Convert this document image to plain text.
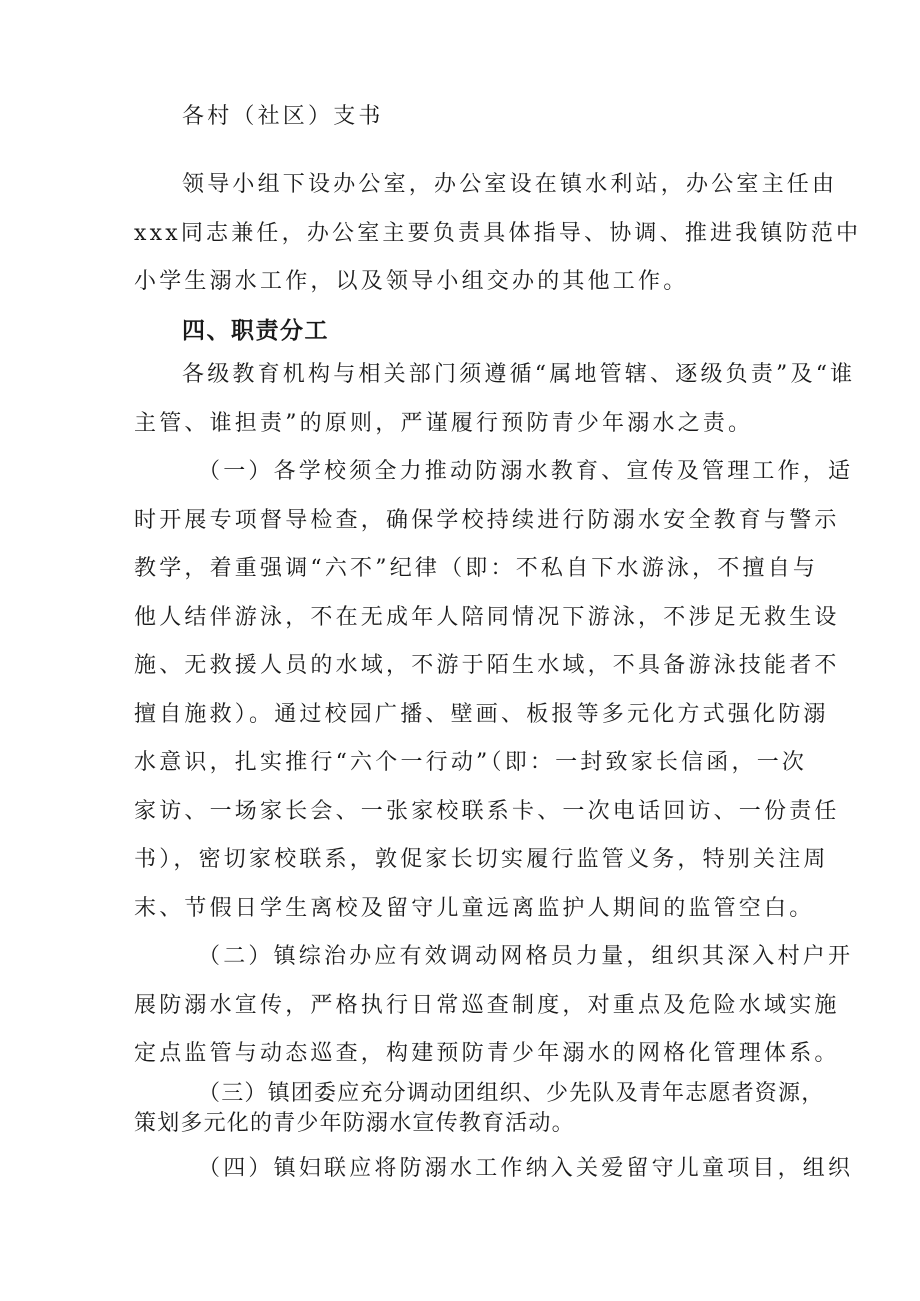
各村（社区）支书
领导小组下设办公室，办公室设在镇水利站，办公室主任由
xxx同志兼任，办公室主要负责具体指导、协调、推进我镇防范中
小学生溺水工作，以及领导小组交办的其他工作。
四、职责分工
各级教育机构与相关部门须遵循“属地管辖、逐级负责”及“谁
主管、谁担责”的原则，严谨履行预防青少年溺水之责。
（一）各学校须全力推动防溺水教育、宣传及管理工作，适
时开展专项督导检查，确保学校持续进行防溺水安全教育与警示
教学，着重强调“六不”纪律（即：不私自下水游泳，不擅自与
他人结伴游泳，不在无成年人陪同情况下游泳，不涉足无救生设
施、无救援人员的水域，不游于陌生水域，不具备游泳技能者不
擅自施救）。通过校园广播、壁画、板报等多元化方式强化防溺
水意识，扎实推行“六个一行动”（即：一封致家长信函，一次
家访、一场家长会、一张家校联系卡、一次电话回访、一份责任
书），密切家校联系，敦促家长切实履行监管义务，特别关注周
末、节假日学生离校及留守儿童远离监护人期间的监管空白。
（二）镇综治办应有效调动网格员力量，组织其深入村户开
展防溺水宣传，严格执行日常巡查制度，对重点及危险水域实施
定点监管与动态巡查，构建预防青少年溺水的网格化管理体系。
（三）镇团委应充分调动团组织、少先队及青年志愿者资源，
策划多元化的青少年防溺水宣传教育活动。
（四）镇妇联应将防溺水工作纳入关爱留守儿童项目，组织
